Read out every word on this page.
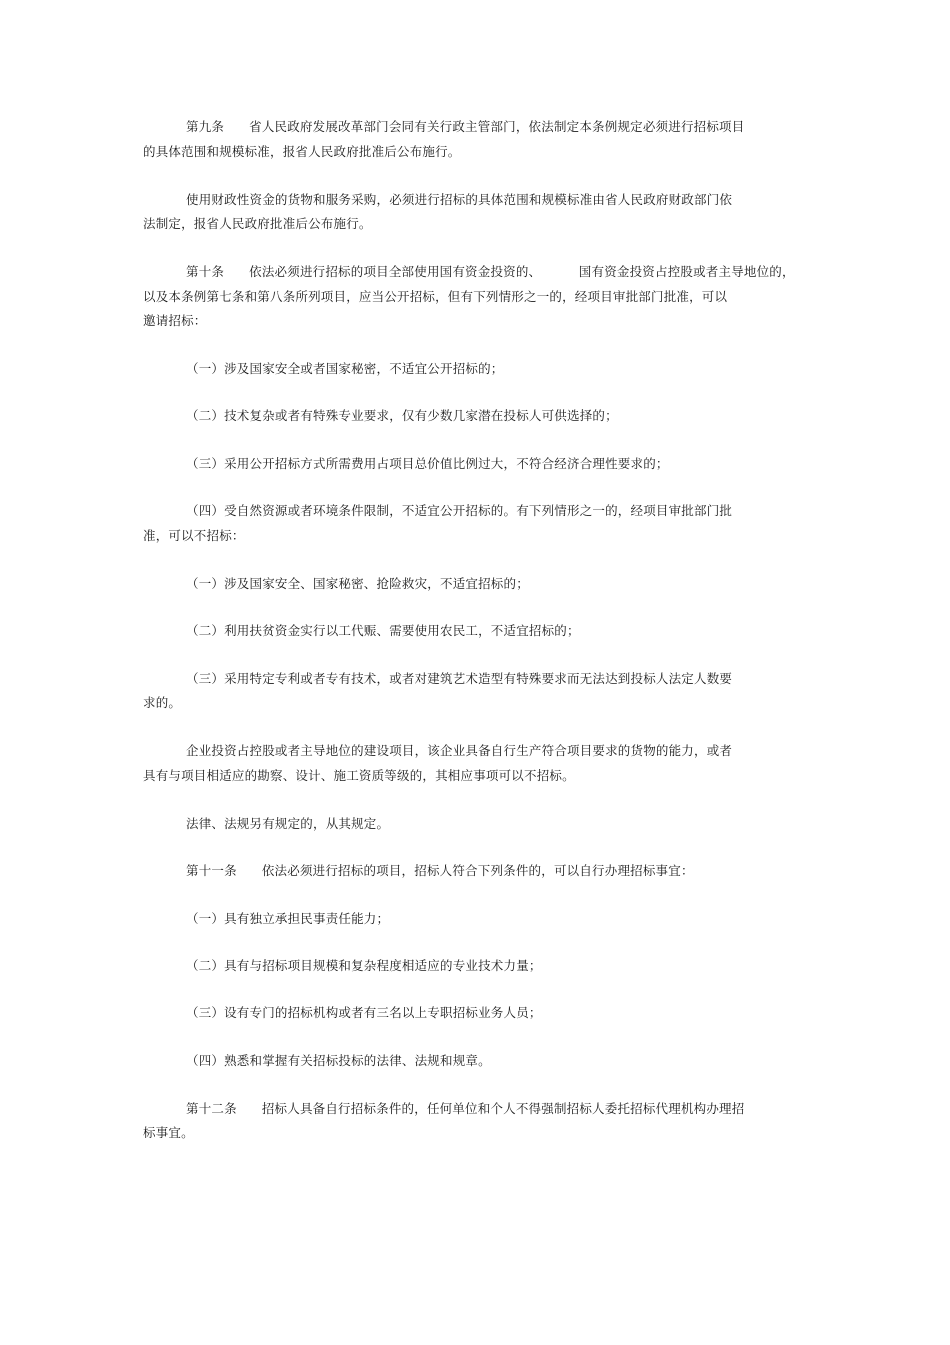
第九条      省人民政府发展改革部门会同有关行政主管部门，依法制定本条例规定必须进行招标项目
的具体范围和规模标准，报省人民政府批准后公布施行。
使用财政性资金的货物和服务采购，必须进行招标的具体范围和规模标准由省人民政府财政部门依
法制定，报省人民政府批准后公布施行。
第十条      依法必须进行招标的项目全部使用国有资金投资的、         国有资金投资占控股或者主导地位的，
以及本条例第七条和第八条所列项目，应当公开招标，但有下列情形之一的，经项目审批部门批准，可以
邀请招标：
（一）涉及国家安全或者国家秘密，不适宜公开招标的；
（二）技术复杂或者有特殊专业要求，仅有少数几家潜在投标人可供选择的；
（三）采用公开招标方式所需费用占项目总价值比例过大，不符合经济合理性要求的；
（四）受自然资源或者环境条件限制，不适宜公开招标的。有下列情形之一的，经项目审批部门批
准，可以不招标：
（一）涉及国家安全、国家秘密、抢险救灾，不适宜招标的；
（二）利用扶贫资金实行以工代赈、需要使用农民工，不适宜招标的；
（三）采用特定专利或者专有技术，或者对建筑艺术造型有特殊要求而无法达到投标人法定人数要
求的。
企业投资占控股或者主导地位的建设项目，该企业具备自行生产符合项目要求的货物的能力，或者
具有与项目相适应的勘察、设计、施工资质等级的，其相应事项可以不招标。
法律、法规另有规定的，从其规定。
第十一条      依法必须进行招标的项目，招标人符合下列条件的，可以自行办理招标事宜：
（一）具有独立承担民事责任能力；
（二）具有与招标项目规模和复杂程度相适应的专业技术力量；
（三）设有专门的招标机构或者有三名以上专职招标业务人员；
（四）熟悉和掌握有关招标投标的法律、法规和规章。
第十二条      招标人具备自行招标条件的，任何单位和个人不得强制招标人委托招标代理机构办理招
标事宜。
